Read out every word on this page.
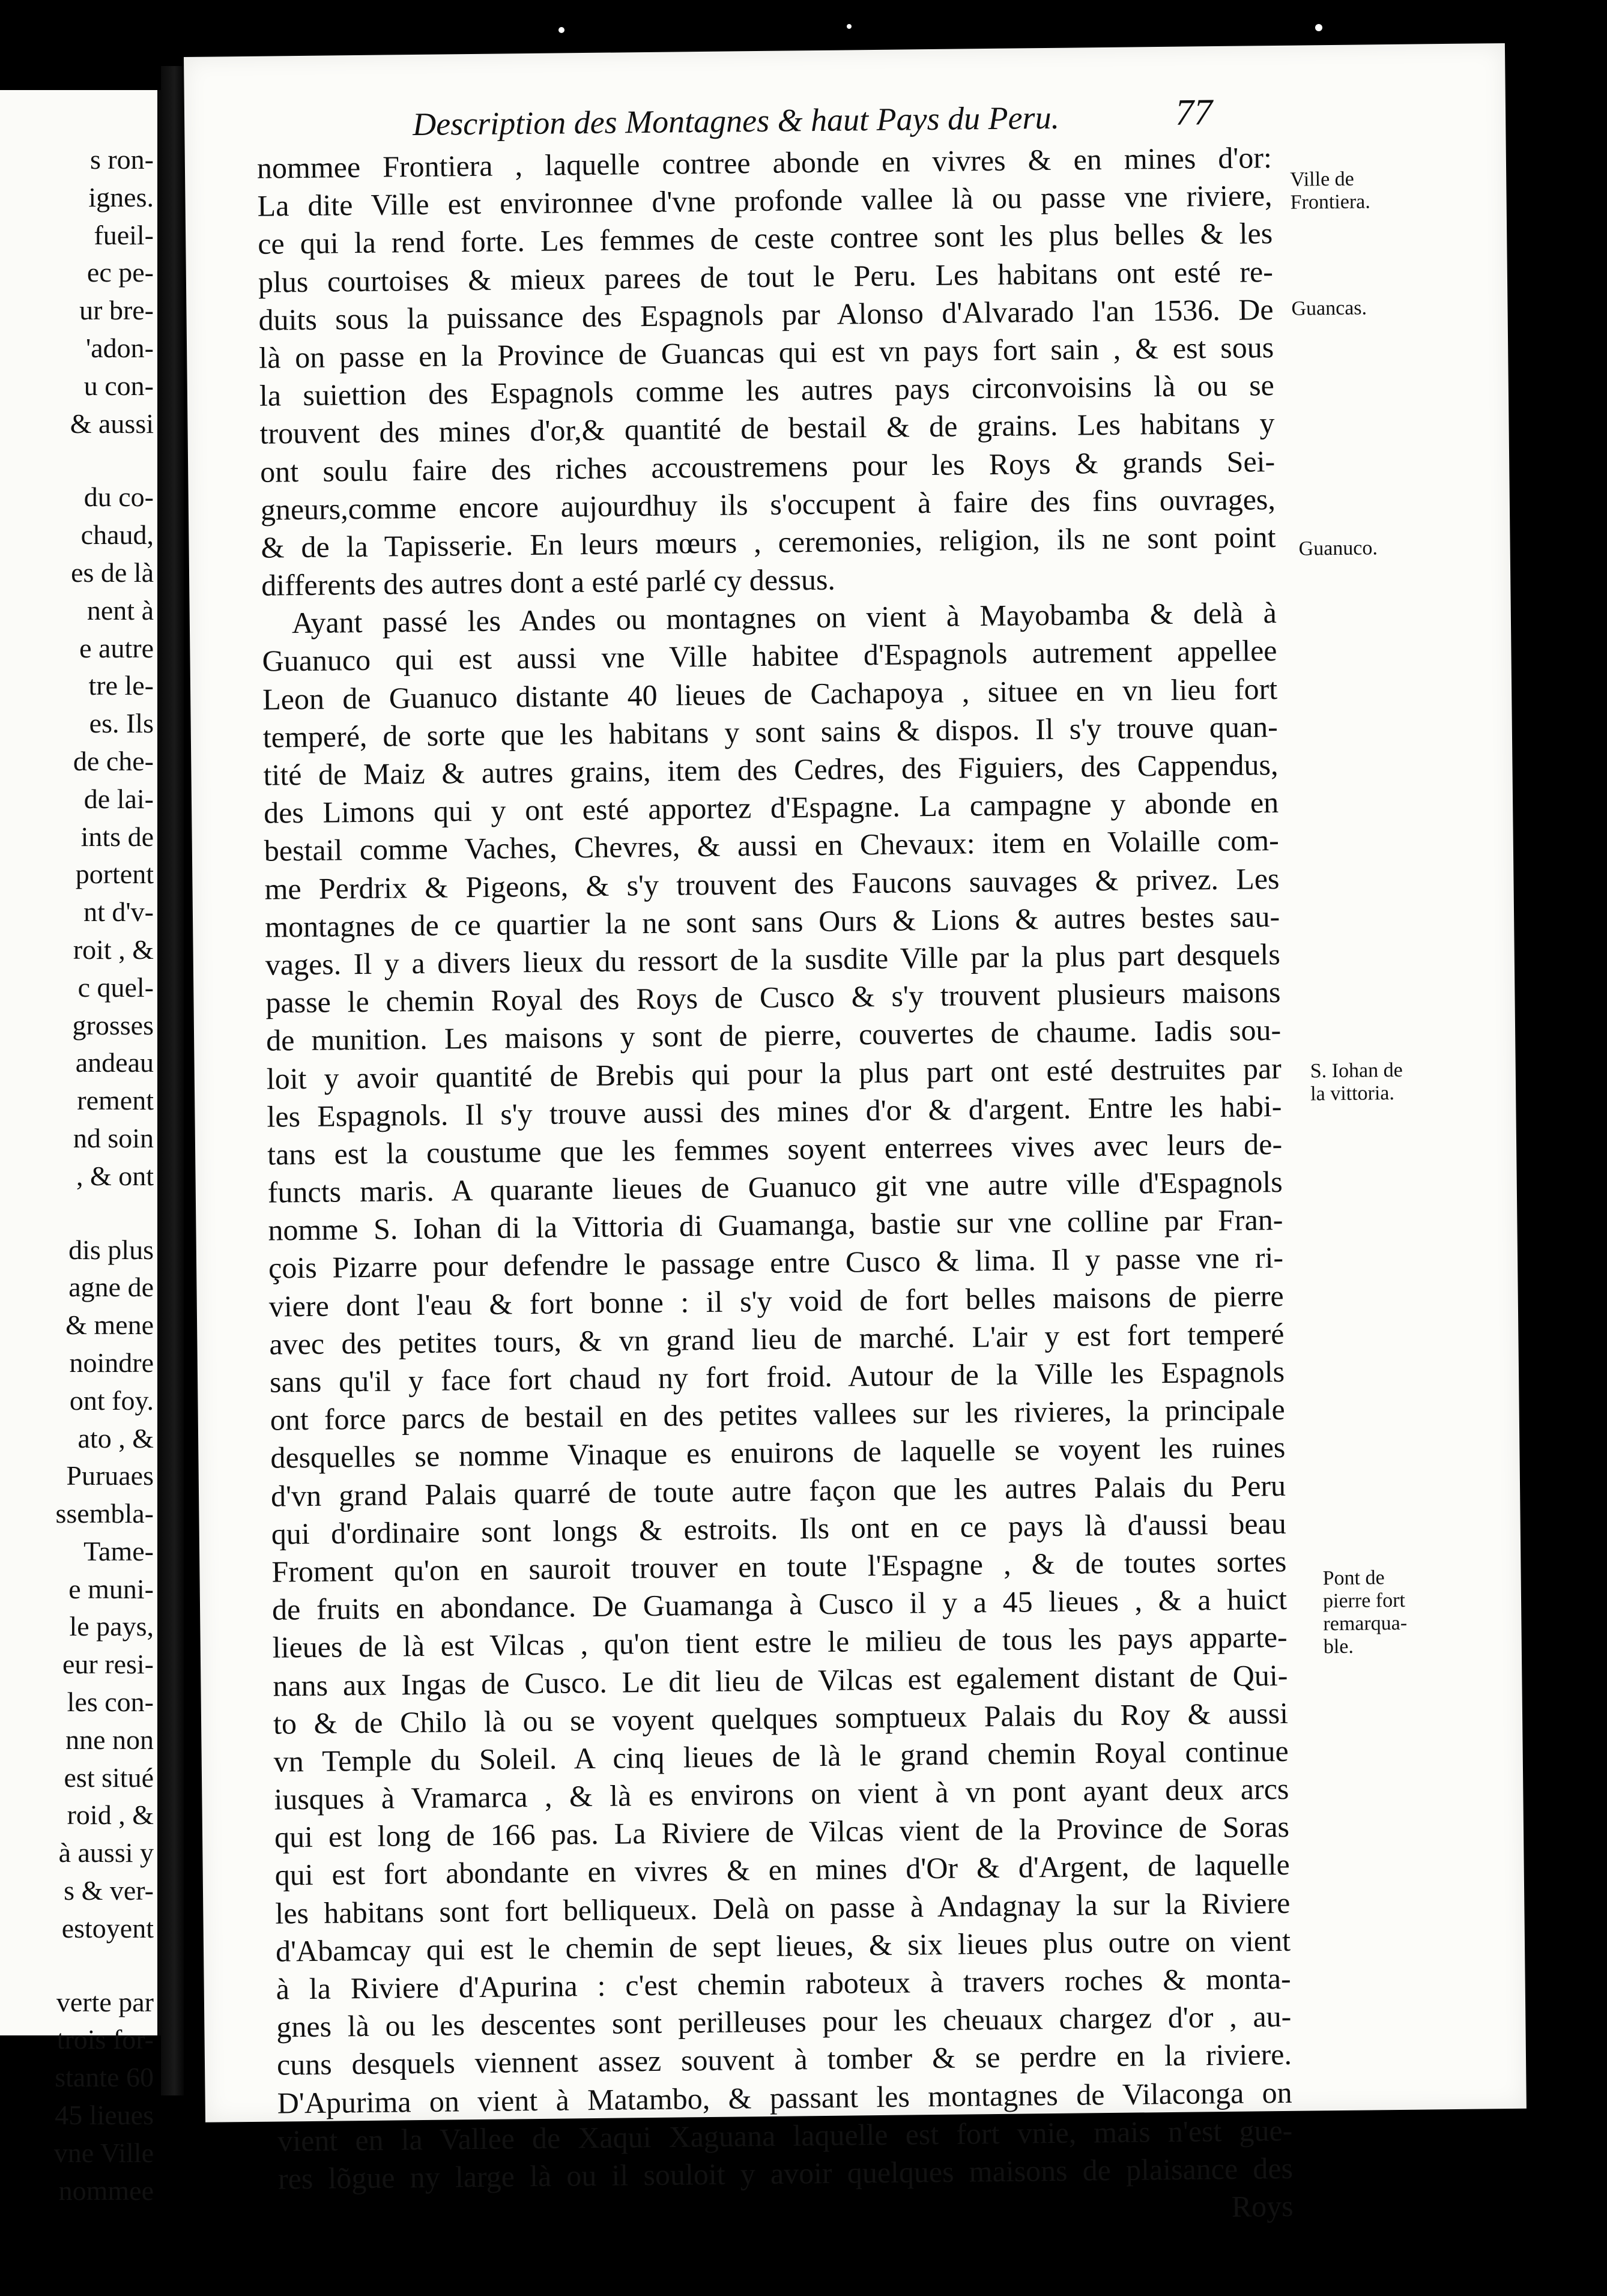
s ron-
ignes.
fueil-
ec pe-
ur bre-
'adon-
u con-
& aussi
du co-
chaud,
es de là
nent à
e autre
tre le-
es. Ils
de che-
de lai-
ints de
portent
nt d'v-
roit , &
c quel-
grosses
andeau
rement
nd soin
, & ont
dis plus
agne de
& mene
noindre
ont foy.
ato , &
Puruaes
ssembla-
Tame-
e muni-
le pays,
eur resi-
les con-
nne non
est situé
roid , &
à aussi y
s & ver-
estoyent
verte par
trois for-
stante 60
45 lieues
vne Ville
nommee
Description des Montagnes & haut Pays du Peru.	77
nommee Frontiera , laquelle contree abonde en vivres & en mines d'or:
La dite Ville est environnee d'vne profonde vallee là ou passe vne riviere,
ce qui la rend forte. Les femmes de ceste contree sont les plus belles & les
plus courtoises & mieux parees de tout le Peru. Les habitans ont esté re-
duits sous la puissance des Espagnols par Alonso d'Alvarado l'an 1536. De
là on passe en la Province de Guancas qui est vn pays fort sain , & est sous
la suiettion des Espagnols comme les autres pays circonvoisins là ou se
trouvent des mines d'or,& quantité de bestail & de grains. Les habitans y
ont soulu faire des riches accoustremens pour les Roys & grands Sei-
gneurs,comme encore aujourdhuy ils s'occupent à faire des fins ouvrages,
& de la Tapisserie. En leurs mœurs , ceremonies, religion, ils ne sont point
differents des autres dont a esté parlé cy dessus.
Ayant passé les Andes ou montagnes on vient à Mayobamba & delà à
Guanuco qui est aussi vne Ville habitee d'Espagnols autrement appellee
Leon de Guanuco distante 40 lieues de Cachapoya , situee en vn lieu fort
temperé, de sorte que les habitans y sont sains & dispos. Il s'y trouve quan-
tité de Maiz & autres grains, item des Cedres, des Figuiers, des Cappendus,
des Limons qui y ont esté apportez d'Espagne. La campagne y abonde en
bestail comme Vaches, Chevres, & aussi en Chevaux: item en Volaille com-
me Perdrix & Pigeons, & s'y trouvent des Faucons sauvages & privez. Les
montagnes de ce quartier la ne sont sans Ours & Lions & autres bestes sau-
vages. Il y a divers lieux du ressort de la susdite Ville par la plus part desquels
passe le chemin Royal des Roys de Cusco & s'y trouvent plusieurs maisons
de munition. Les maisons y sont de pierre, couvertes de chaume. Iadis sou-
loit y avoir quantité de Brebis qui pour la plus part ont esté destruites par
les Espagnols. Il s'y trouve aussi des mines d'or & d'argent. Entre les habi-
tans est la coustume que les femmes soyent enterrees vives avec leurs de-
functs maris. A quarante lieues de Guanuco git vne autre ville d'Espagnols
nomme S. Iohan di la Vittoria di Guamanga, bastie sur vne colline par Fran-
çois Pizarre pour defendre le passage entre Cusco & lima. Il y passe vne ri-
viere dont l'eau & fort bonne : il s'y void de fort belles maisons de pierre
avec des petites tours, & vn grand lieu de marché. L'air y est fort temperé
sans qu'il y face fort chaud ny fort froid. Autour de la Ville les Espagnols
ont force parcs de bestail en des petites vallees sur les rivieres, la principale
desquelles se nomme Vinaque es enuirons de laquelle se voyent les ruines
d'vn grand Palais quarré de toute autre façon que les autres Palais du Peru
qui d'ordinaire sont longs & estroits. Ils ont en ce pays là d'aussi beau
Froment qu'on en sauroit trouver en toute l'Espagne , & de toutes sortes
de fruits en abondance. De Guamanga à Cusco il y a 45 lieues , & a huict
lieues de là est Vilcas , qu'on tient estre le milieu de tous les pays apparte-
nans aux Ingas de Cusco. Le dit lieu de Vilcas est egalement distant de Qui-
to & de Chilo là ou se voyent quelques somptueux Palais du Roy & aussi
vn Temple du Soleil. A cinq lieues de là le grand chemin Royal continue
iusques à Vramarca , & là es environs on vient à vn pont ayant deux arcs
qui est long de 166 pas. La Riviere de Vilcas vient de la Province de Soras
qui est fort abondante en vivres & en mines d'Or & d'Argent, de laquelle
les habitans sont fort belliqueux. Delà on passe à Andagnay la sur la Riviere
d'Abamcay qui est le chemin de sept lieues, & six lieues plus outre on vient
à la Riviere d'Apurina : c'est chemin raboteux à travers roches & monta-
gnes là ou les descentes sont perilleuses pour les cheuaux chargez d'or , au-
cuns desquels viennent assez souvent à tomber & se perdre en la riviere.
D'Apurima on vient à Matambo, & passant les montagnes de Vilaconga on
vient en la Vallee de Xaqui Xaguana laquelle est fort vnie, mais n'est gue-
res lõgue ny large là ou il souloit y avoir quelques maisons de plaisance des
Roys
Ville de
Frontiera.
Guancas.
Guanuco.
S. Iohan de
la vittoria.
Pont de
pierre fort
remarqua-
ble.
